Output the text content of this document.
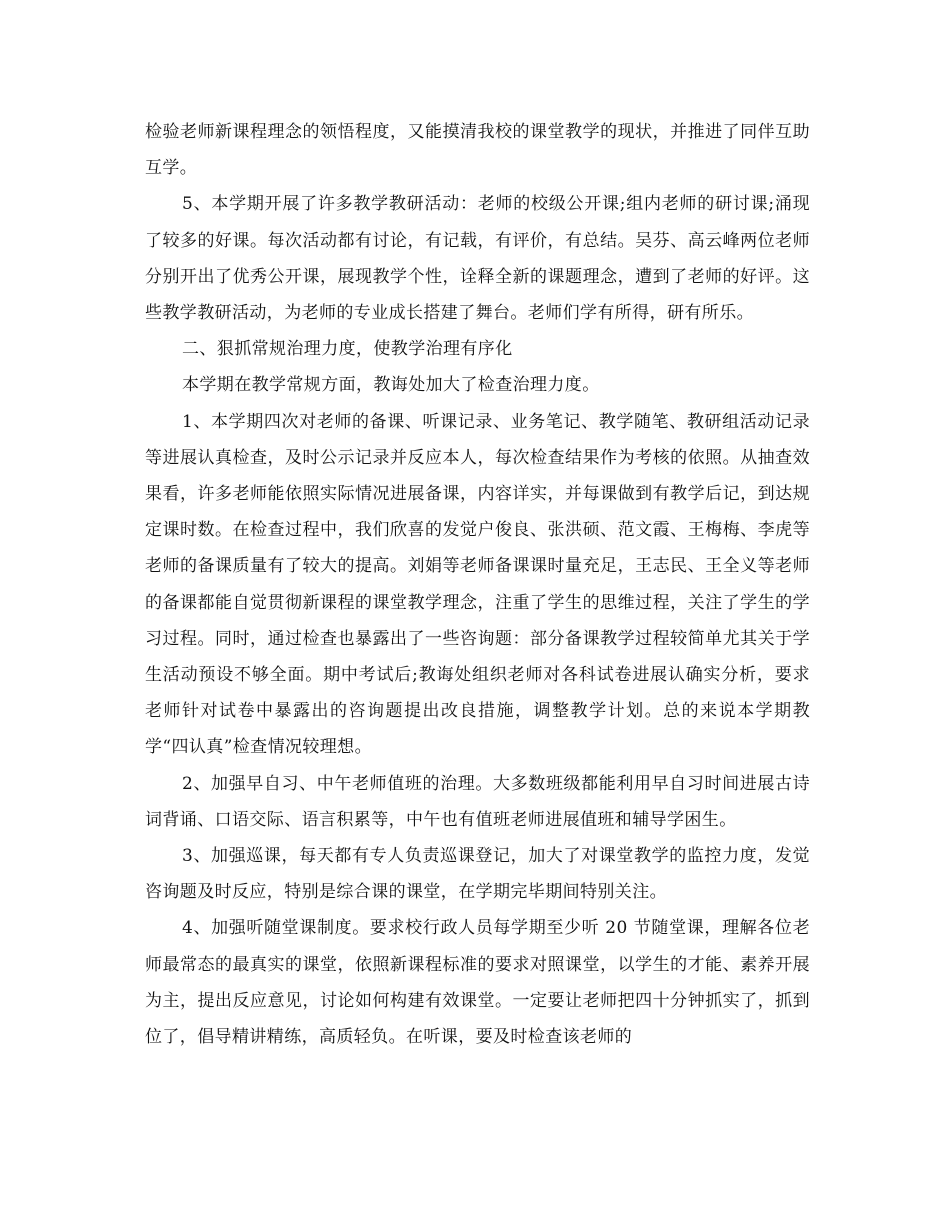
检验老师新课程理念的领悟程度，又能摸清我校的课堂教学的现状，并推进了同伴互助互学。

5、本学期开展了许多教学教研活动：老师的校级公开课;组内老师的研讨课;涌现了较多的好课。每次活动都有讨论，有记载，有评价，有总结。吴芬、高云峰两位老师分别开出了优秀公开课，展现教学个性，诠释全新的课题理念，遭到了老师的好评。这些教学教研活动，为老师的专业成长搭建了舞台。老师们学有所得，研有所乐。

二、狠抓常规治理力度，使教学治理有序化

本学期在教学常规方面，教诲处加大了检查治理力度。

1、本学期四次对老师的备课、听课记录、业务笔记、教学随笔、教研组活动记录等进展认真检查，及时公示记录并反应本人，每次检查结果作为考核的依照。从抽查效果看，许多老师能依照实际情况进展备课，内容详实，并每课做到有教学后记，到达规定课时数。在检查过程中，我们欣喜的发觉户俊良、张洪硕、范文霞、王梅梅、李虎等老师的备课质量有了较大的提高。刘娟等老师备课课时量充足，王志民、王全义等老师的备课都能自觉贯彻新课程的课堂教学理念，注重了学生的思维过程，关注了学生的学习过程。同时，通过检查也暴露出了一些咨询题：部分备课教学过程较简单尤其关于学生活动预设不够全面。期中考试后;教诲处组织老师对各科试卷进展认确实分析，要求老师针对试卷中暴露出的咨询题提出改良措施，调整教学计划。总的来说本学期教学“四认真”检查情况较理想。

2、加强早自习、中午老师值班的治理。大多数班级都能利用早自习时间进展古诗词背诵、口语交际、语言积累等，中午也有值班老师进展值班和辅导学困生。

3、加强巡课，每天都有专人负责巡课登记，加大了对课堂教学的监控力度，发觉咨询题及时反应，特别是综合课的课堂，在学期完毕期间特别关注。

4、加强听随堂课制度。要求校行政人员每学期至少听 20 节随堂课，理解各位老师最常态的最真实的课堂，依照新课程标准的要求对照课堂，以学生的才能、素养开展为主，提出反应意见，讨论如何构建有效课堂。一定要让老师把四十分钟抓实了，抓到位了，倡导精讲精练，高质轻负。在听课，要及时检查该老师的
